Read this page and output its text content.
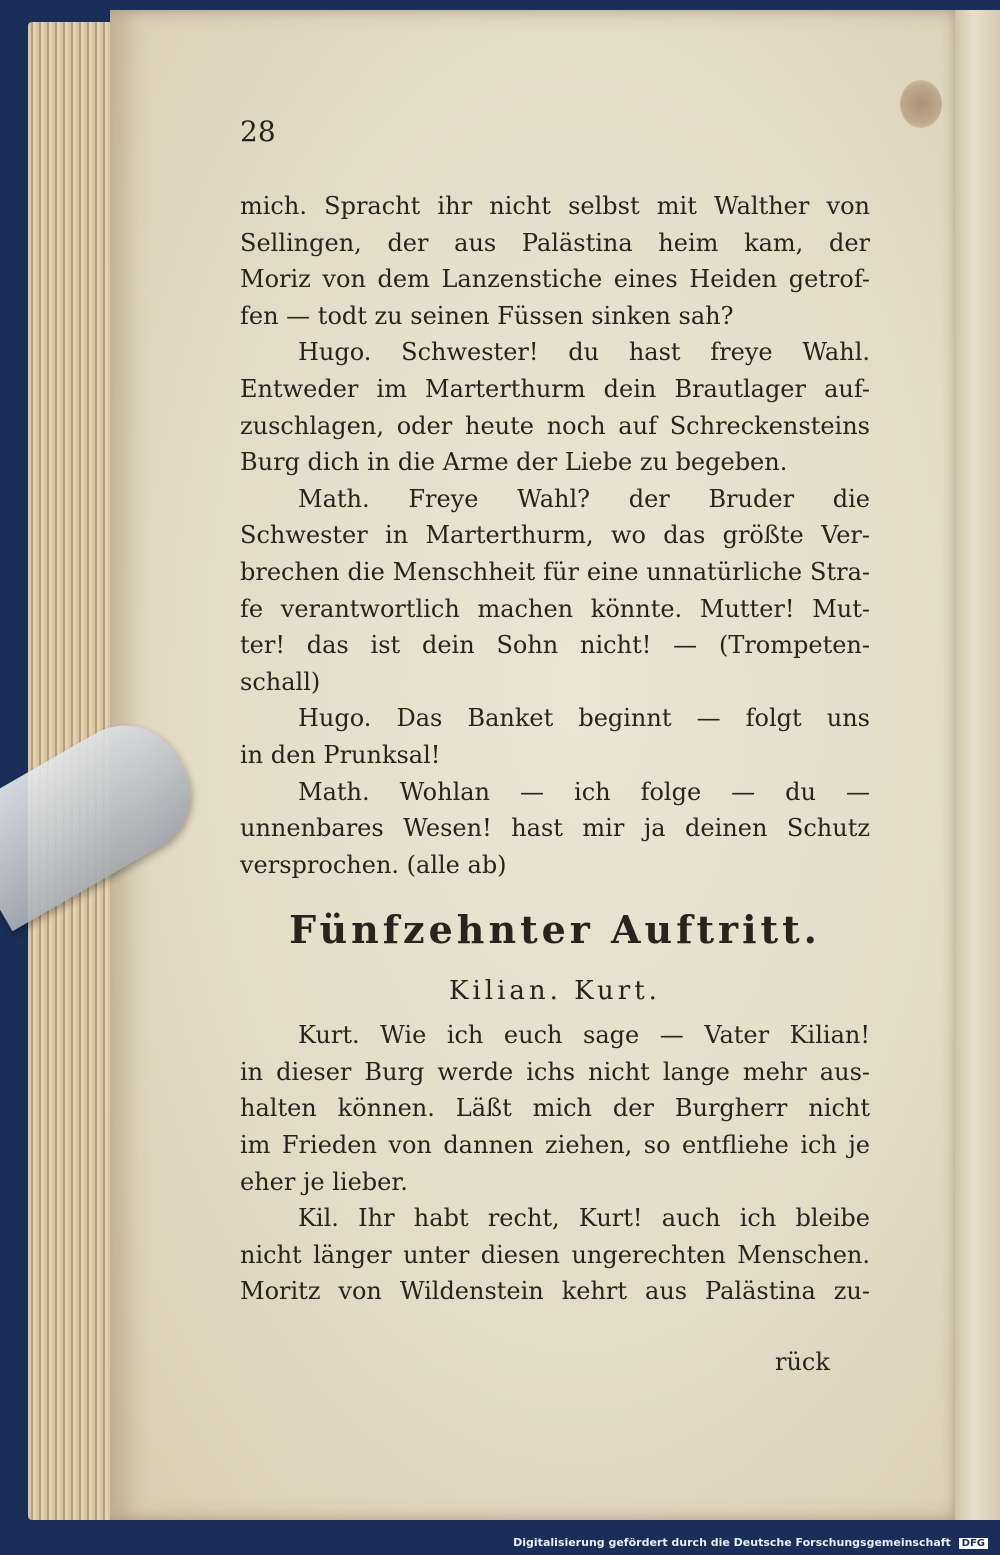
28
mich. Spracht ihr nicht selbst mit Walther von
Sellingen, der aus Palästina heim kam, der
Moriz von dem Lanzenstiche eines Heiden getrof-
fen — todt zu seinen Füssen sinken sah?
Hugo. Schwester! du hast freye Wahl.
Entweder im Marterthurm dein Brautlager auf-
zuschlagen, oder heute noch auf Schreckensteins
Burg dich in die Arme der Liebe zu begeben.
Math. Freye Wahl? der Bruder die
Schwester in Marterthurm, wo das größte Ver-
brechen die Menschheit für eine unnatürliche Stra-
fe verantwortlich machen könnte. Mutter! Mut-
ter! das ist dein Sohn nicht! — (Trompeten-
schall)
Hugo. Das Banket beginnt — folgt uns
in den Prunksal!
Math. Wohlan — ich folge — du —
unnenbares Wesen! hast mir ja deinen Schutz
versprochen. (alle ab)
Fünfzehnter Auftritt.
Kilian. Kurt.
Kurt. Wie ich euch sage — Vater Kilian!
in dieser Burg werde ichs nicht lange mehr aus-
halten können. Läßt mich der Burgherr nicht
im Frieden von dannen ziehen, so entfliehe ich je
eher je lieber.
Kil. Ihr habt recht, Kurt! auch ich bleibe
nicht länger unter diesen ungerechten Menschen.
Moritz von Wildenstein kehrt aus Palästina zu-
rück
Digitalisierung gefördert durch die Deutsche Forschungsgemeinschaft DFG
